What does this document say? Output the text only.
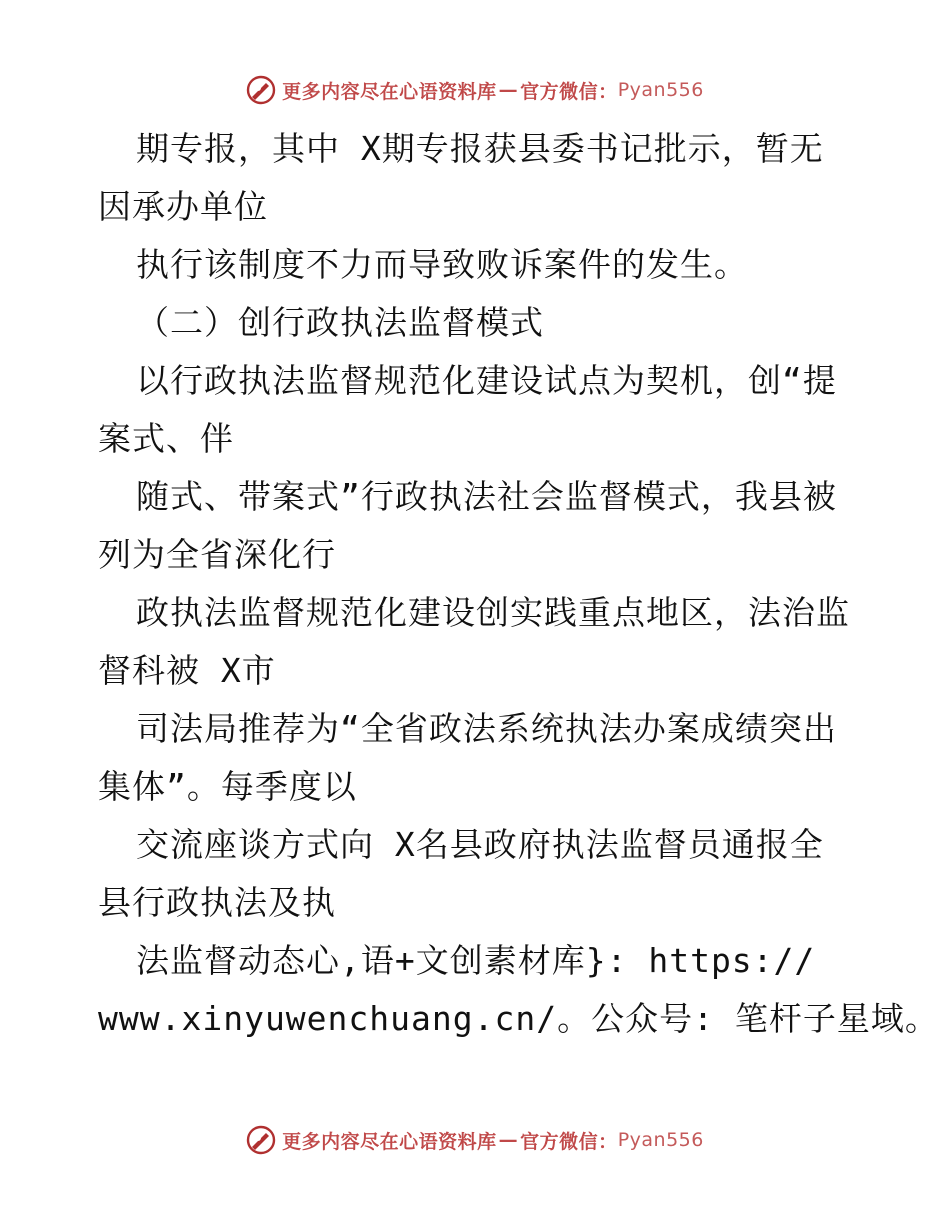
更多内容尽在心语资料库 — 官方微信： Pyan556
期专报，其中 X期专报获县委书记批示，暂无
因承办单位
执行该制度不力而导致败诉案件的发生。
（二）创行政执法监督模式
以行政执法监督规范化建设试点为契机，创“提
案式、伴
随式、带案式”行政执法社会监督模式，我县被
列为全省深化行
政执法监督规范化建设创实践重点地区，法治监
督科被 X市
司法局推荐为“全省政法系统执法办案成绩突出
集体”。每季度以
交流座谈方式向 X名县政府执法监督员通报全
县行政执法及执
法监督动态心,语+文创素材库}: https://
www.xinyuwenchuang.cn/。公众号: 笔杆子星域。
更多内容尽在心语资料库 — 官方微信： Pyan556
